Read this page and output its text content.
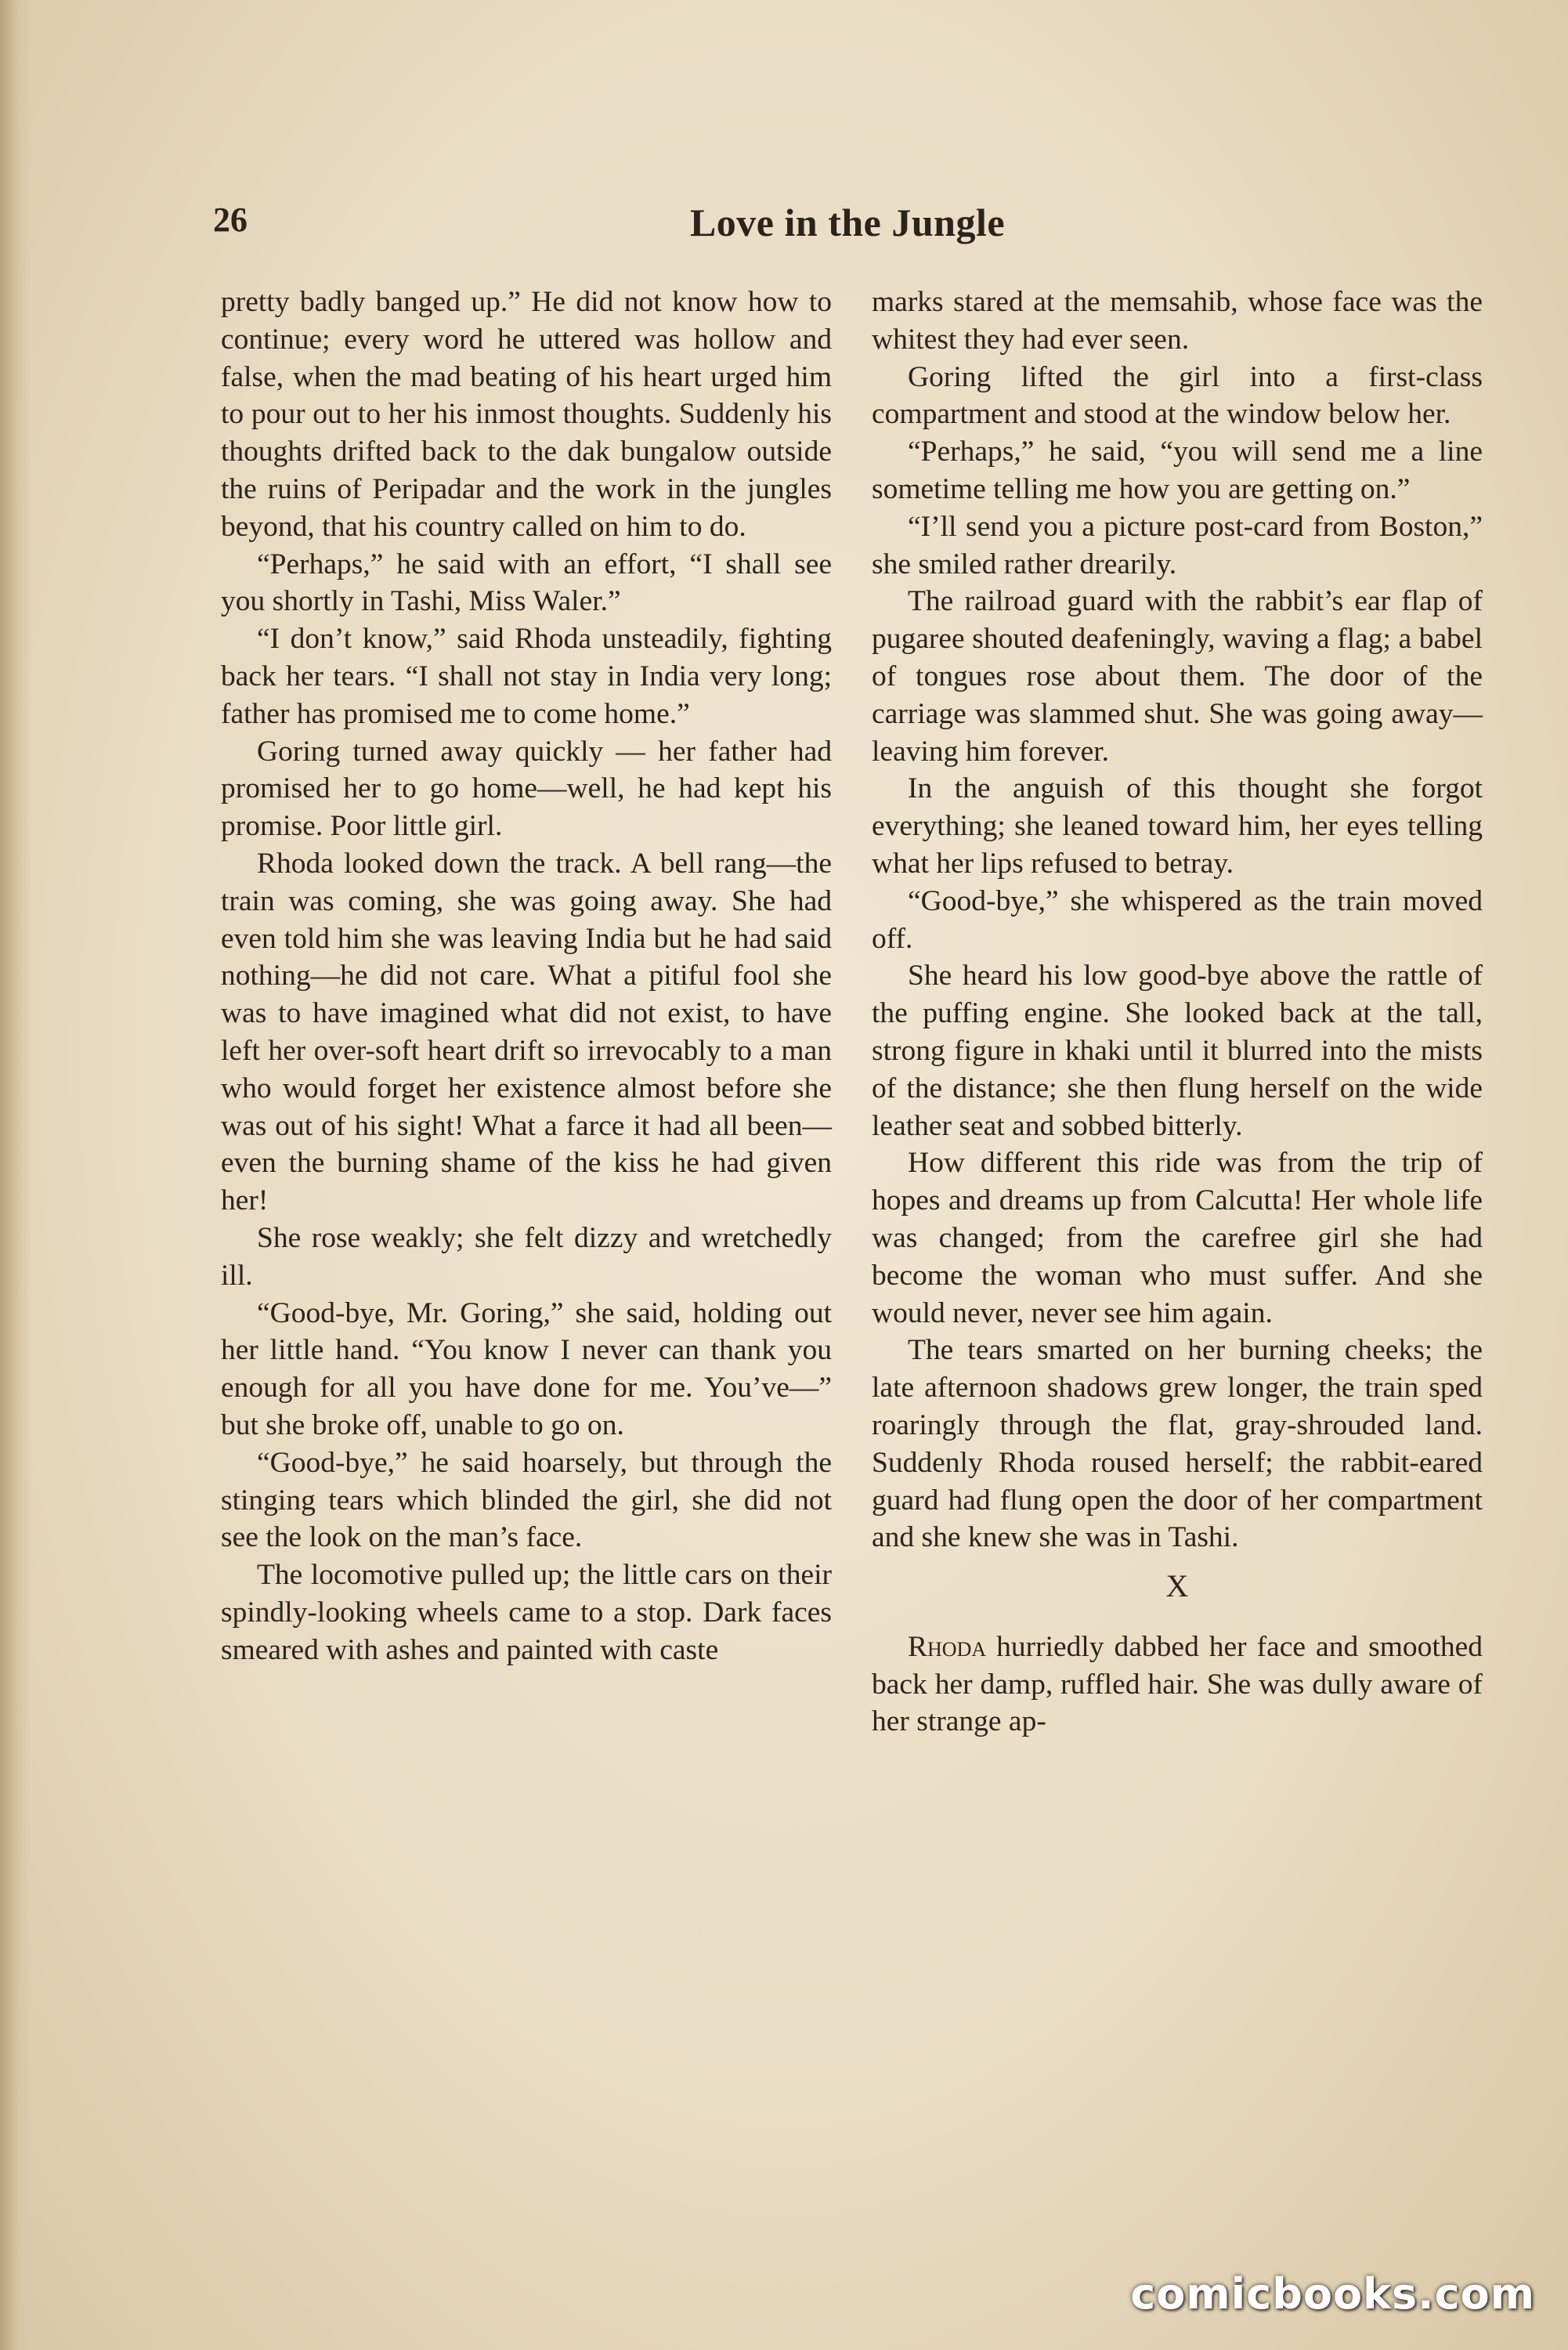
26	Love in the Jungle

pretty badly banged up.” He did not know how to continue; every word he uttered was hollow and false, when the mad beating of his heart urged him to pour out to her his inmost thoughts. Suddenly his thoughts drifted back to the dak bungalow outside the ruins of Peripadar and the work in the jungles beyond, that his country called on him to do.

“Perhaps,” he said with an effort, “I shall see you shortly in Tashi, Miss Waler.”

“I don’t know,” said Rhoda unsteadily, fighting back her tears. “I shall not stay in India very long; father has promised me to come home.”

Goring turned away quickly — her father had promised her to go home—well, he had kept his promise. Poor little girl.

Rhoda looked down the track. A bell rang—the train was coming, she was going away. She had even told him she was leaving India but he had said nothing—he did not care. What a pitiful fool she was to have imagined what did not exist, to have left her over-soft heart drift so irrevocably to a man who would forget her existence almost before she was out of his sight! What a farce it had all been—even the burning shame of the kiss he had given her!

She rose weakly; she felt dizzy and wretchedly ill.

“Good-bye, Mr. Goring,” she said, holding out her little hand. “You know I never can thank you enough for all you have done for me. You’ve—” but she broke off, unable to go on.

“Good-bye,” he said hoarsely, but through the stinging tears which blinded the girl, she did not see the look on the man’s face.

The locomotive pulled up; the little cars on their spindly-looking wheels came to a stop. Dark faces smeared with ashes and painted with caste

marks stared at the memsahib, whose face was the whitest they had ever seen.

Goring lifted the girl into a first-class compartment and stood at the window below her.

“Perhaps,” he said, “you will send me a line sometime telling me how you are getting on.”

“I’ll send you a picture post-card from Boston,” she smiled rather drearily.

The railroad guard with the rabbit’s ear flap of pugaree shouted deafeningly, waving a flag; a babel of tongues rose about them. The door of the carriage was slammed shut. She was going away—leaving him forever.

In the anguish of this thought she forgot everything; she leaned toward him, her eyes telling what her lips refused to betray.

“Good-bye,” she whispered as the train moved off.

She heard his low good-bye above the rattle of the puffing engine. She looked back at the tall, strong figure in khaki until it blurred into the mists of the distance; she then flung herself on the wide leather seat and sobbed bitterly.

How different this ride was from the trip of hopes and dreams up from Calcutta! Her whole life was changed; from the carefree girl she had become the woman who must suffer. And she would never, never see him again.

The tears smarted on her burning cheeks; the late afternoon shadows grew longer, the train sped roaringly through the flat, gray-shrouded land. Suddenly Rhoda roused herself; the rabbit-eared guard had flung open the door of her compartment and she knew she was in Tashi.

X

Rhoda hurriedly dabbed her face and smoothed back her damp, ruffled hair. She was dully aware of her strange ap-

comicbooks.com
